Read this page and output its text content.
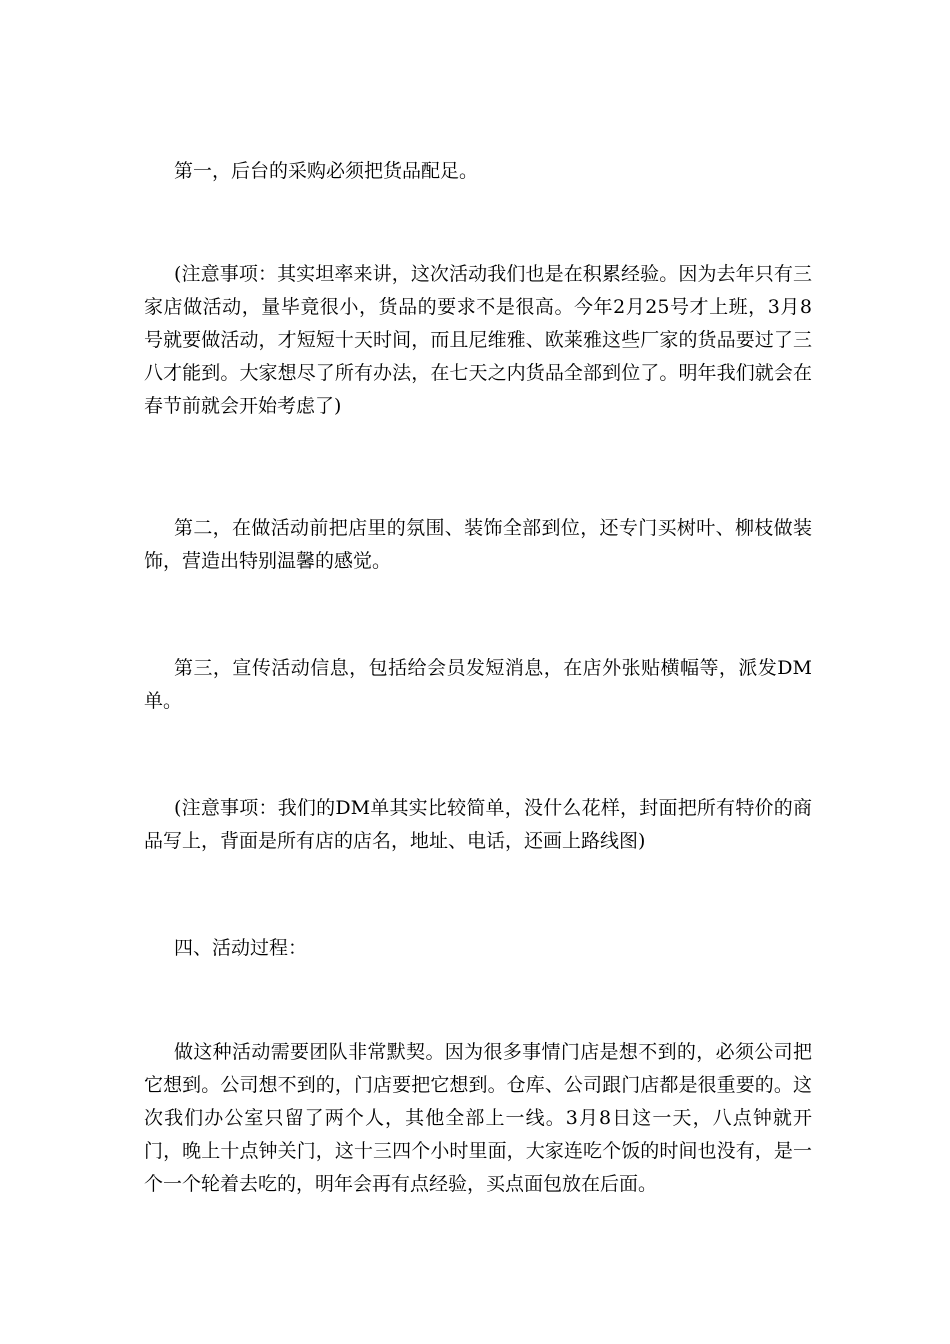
第一，后台的采购必须把货品配足。

(注意事项：其实坦率来讲，这次活动我们也是在积累经验。因为去年只有三家店做活动，量毕竟很小，货品的要求不是很高。今年2月25号才上班，3月8号就要做活动，才短短十天时间，而且尼维雅、欧莱雅这些厂家的货品要过了三八才能到。大家想尽了所有办法，在七天之内货品全部到位了。明年我们就会在春节前就会开始考虑了)

第二，在做活动前把店里的氛围、装饰全部到位，还专门买树叶、柳枝做装饰，营造出特别温馨的感觉。

第三，宣传活动信息，包括给会员发短消息，在店外张贴横幅等，派发DM单。

(注意事项：我们的DM单其实比较简单，没什么花样，封面把所有特价的商品写上，背面是所有店的店名，地址、电话，还画上路线图)

四、活动过程：

做这种活动需要团队非常默契。因为很多事情门店是想不到的，必须公司把它想到。公司想不到的，门店要把它想到。仓库、公司跟门店都是很重要的。这次我们办公室只留了两个人，其他全部上一线。3月8日这一天，八点钟就开门，晚上十点钟关门，这十三四个小时里面，大家连吃个饭的时间也没有，是一个一个轮着去吃的，明年会再有点经验，买点面包放在后面。
